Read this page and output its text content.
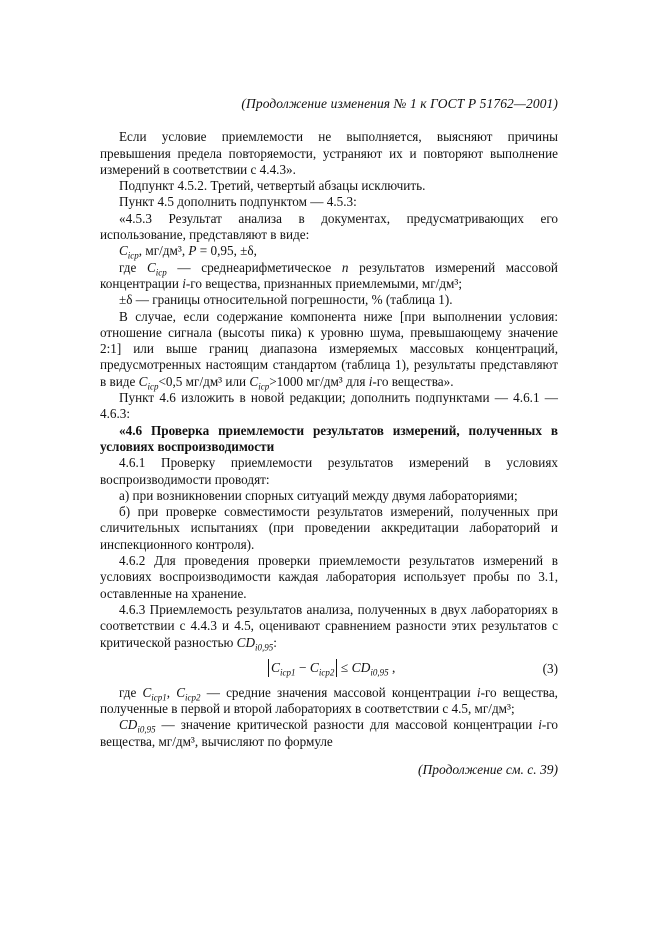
(Продолжение изменения № 1 к ГОСТ Р 51762—2001)

Если условие приемлемости не выполняется, выясняют причины превышения предела повторяемости, устраняют их и повторяют выполнение измерений в соответствии с 4.4.3».

Подпункт 4.5.2. Третий, четвертый абзацы исключить.

Пункт 4.5 дополнить подпунктом — 4.5.3:

«4.5.3 Результат анализа в документах, предусматривающих его использование, представляют в виде:

$C_{icp}$, мг/дм³, P = 0,95, ±δ,

где $C_{icp}$ — среднеарифметическое n результатов измерений массовой концентрации i-го вещества, признанных приемлемыми, мг/дм³;

±δ — границы относительной погрешности, % (таблица 1).

В случае, если содержание компонента ниже [при выполнении условия: отношение сигнала (высоты пика) к уровню шума, превышающему значение 2:1] или выше границ диапазона измеряемых массовых концентраций, предусмотренных настоящим стандартом (таблица 1), результаты представляют в виде $C_{icp}<0,5$ мг/дм³ или $C_{icp}>1000$ мг/дм³ для i-го вещества».

Пункт 4.6 изложить в новой редакции; дополнить подпунктами — 4.6.1 — 4.6.3:

«4.6 Проверка приемлемости результатов измерений, полученных в условиях воспроизводимости

4.6.1 Проверку приемлемости результатов измерений в условиях воспроизводимости проводят:

а) при возникновении спорных ситуаций между двумя лабораториями;

б) при проверке совместимости результатов измерений, полученных при сличительных испытаниях (при проведении аккредитации лабораторий и инспекционного контроля).

4.6.2 Для проведения проверки приемлемости результатов измерений в условиях воспроизводимости каждая лаборатория использует пробы по 3.1, оставленные на хранение.

4.6.3 Приемлемость результатов анализа, полученных в двух лабораториях в соответствии с 4.4.3 и 4.5, оценивают сравнением разности этих результатов с критической разностью $CD_{i0,95}$:

$C_{icp1} - C_{icp2} \le CD_{i0,95}$ ,	(3)

где $C_{icp1}$, $C_{icp2}$ — средние значения массовой концентрации i-го вещества, полученные в первой и второй лабораториях в соответствии с 4.5, мг/дм³;

$CD_{i0,95}$ — значение критической разности для массовой концентрации i-го вещества, мг/дм³, вычисляют по формуле

(Продолжение см. с. 39)
